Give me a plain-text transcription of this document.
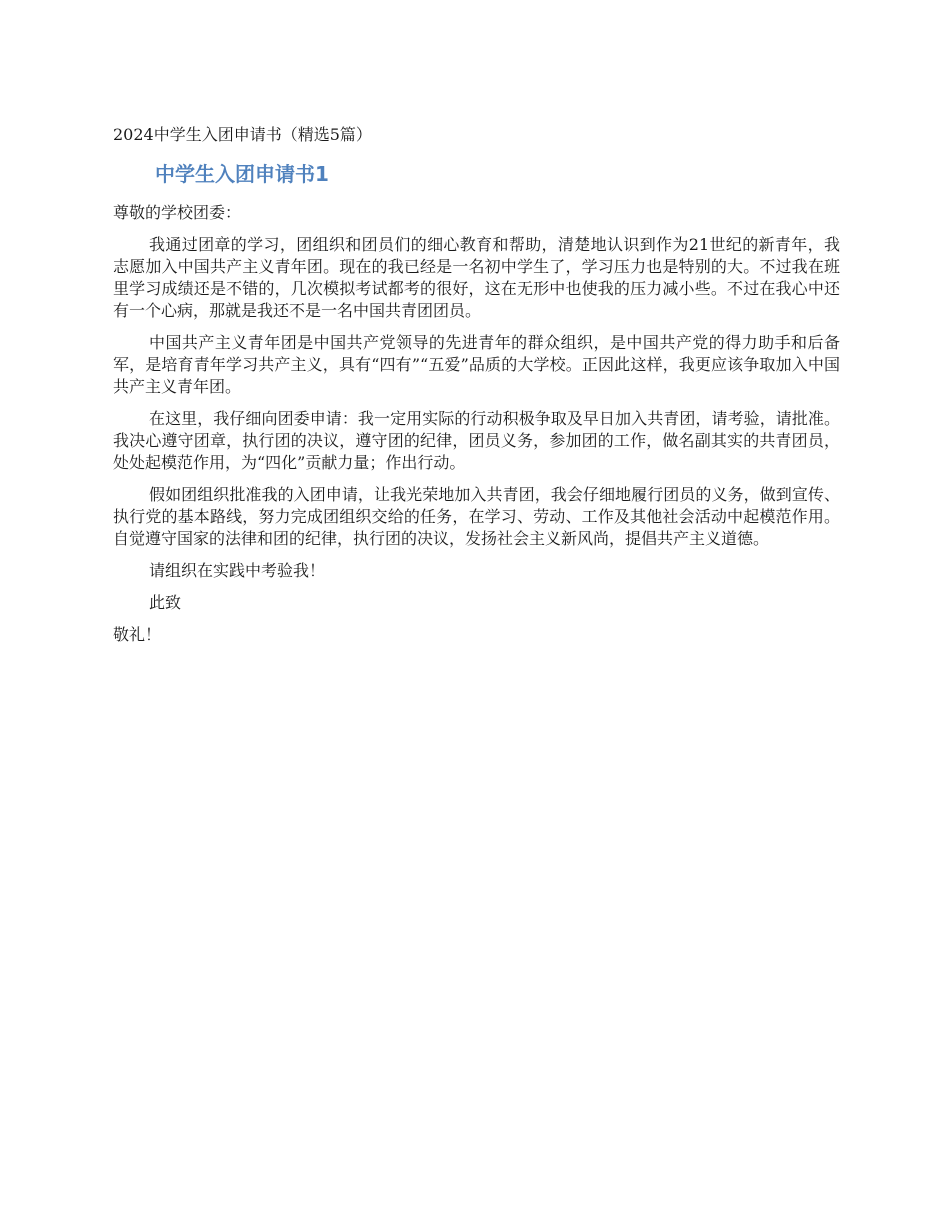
2024中学生入团申请书（精选5篇）
中学生入团申请书1
尊敬的学校团委：

我通过团章的学习，团组织和团员们的细心教育和帮助，清楚地认识到作为21世纪的新青年，我志愿加入中国共产主义青年团。现在的我已经是一名初中学生了，学习压力也是特别的大。不过我在班里学习成绩还是不错的，几次模拟考试都考的很好，这在无形中也使我的压力减小些。不过在我心中还有一个心病，那就是我还不是一名中国共青团团员。

中国共产主义青年团是中国共产党领导的先进青年的群众组织，是中国共产党的得力助手和后备军，是培育青年学习共产主义，具有“四有”“五爱”品质的大学校。正因此这样，我更应该争取加入中国共产主义青年团。

在这里，我仔细向团委申请：我一定用实际的行动积极争取及早日加入共青团，请考验，请批准。我决心遵守团章，执行团的决议，遵守团的纪律，团员义务，参加团的工作，做名副其实的共青团员，处处起模范作用，为“四化”贡献力量；作出行动。

假如团组织批准我的入团申请，让我光荣地加入共青团，我会仔细地履行团员的义务，做到宣传、执行党的基本路线，努力完成团组织交给的任务，在学习、劳动、工作及其他社会活动中起模范作用。自觉遵守国家的法律和团的纪律，执行团的决议，发扬社会主义新风尚，提倡共产主义道德。

请组织在实践中考验我！

此致

敬礼！
